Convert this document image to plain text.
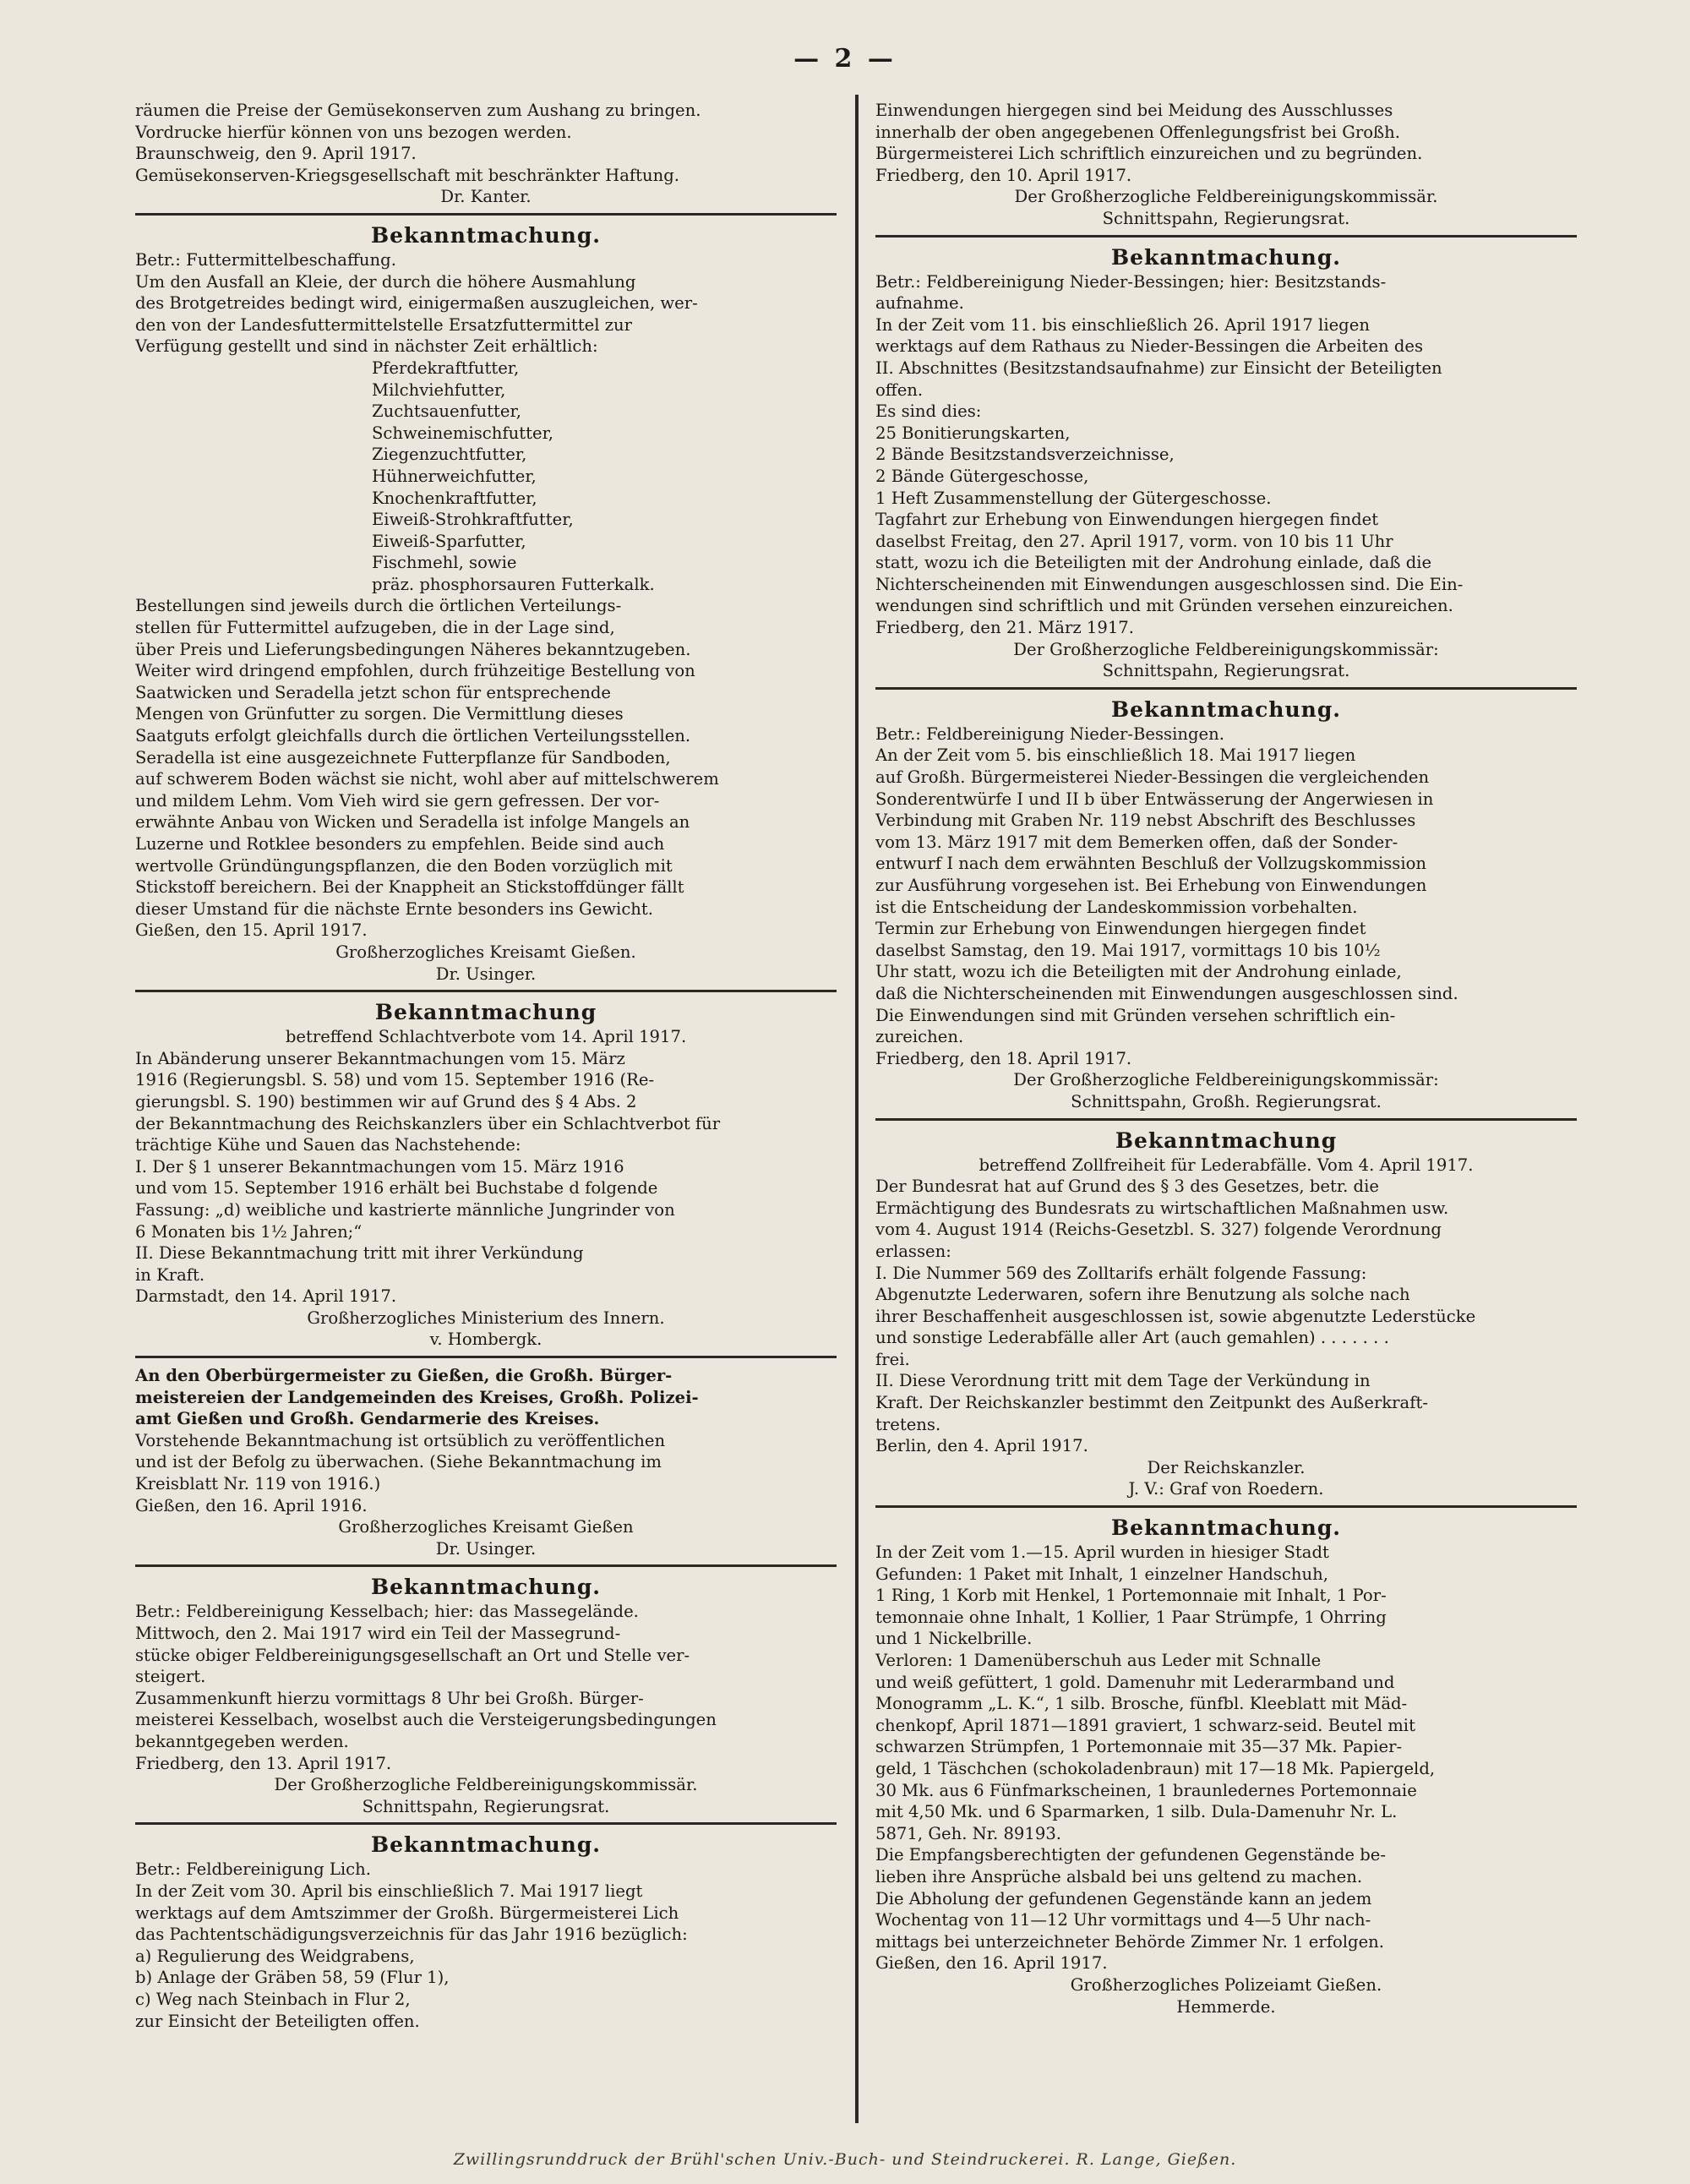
— 2 —
räumen die Preise der Gemüsekonserven zum Aushang zu bringen.
Vordrucke hierfür können von uns bezogen werden.
Braunschweig, den 9. April 1917.
Gemüsekonserven-Kriegsgesellschaft mit beschränkter Haftung.
Dr. Kanter.
Bekanntmachung.
Betr.: Futtermittelbeschaffung.
Um den Ausfall an Kleie, der durch die höhere Ausmahlung
des Brotgetreides bedingt wird, einigermaßen auszugleichen, wer-
den von der Landesfuttermittelstelle Ersatzfuttermittel zur
Verfügung gestellt und sind in nächster Zeit erhältlich:
Pferdekraftfutter,
Milchviehfutter,
Zuchtsauenfutter,
Schweinemischfutter,
Ziegenzuchtfutter,
Hühnerweichfutter,
Knochenkraftfutter,
Eiweiß-Strohkraftfutter,
Eiweiß-Sparfutter,
Fischmehl, sowie
präz. phosphorsauren Futterkalk.
Bestellungen sind jeweils durch die örtlichen Verteilungs-
stellen für Futtermittel aufzugeben, die in der Lage sind,
über Preis und Lieferungsbedingungen Näheres bekanntzugeben.
Weiter wird dringend empfohlen, durch frühzeitige Bestellung von
Saatwicken und Seradella jetzt schon für entsprechende
Mengen von Grünfutter zu sorgen. Die Vermittlung dieses
Saatguts erfolgt gleichfalls durch die örtlichen Verteilungsstellen.
Seradella ist eine ausgezeichnete Futterpflanze für Sandboden,
auf schwerem Boden wächst sie nicht, wohl aber auf mittelschwerem
und mildem Lehm. Vom Vieh wird sie gern gefressen. Der vor-
erwähnte Anbau von Wicken und Seradella ist infolge Mangels an
Luzerne und Rotklee besonders zu empfehlen. Beide sind auch
wertvolle Gründüngungspflanzen, die den Boden vorzüglich mit
Stickstoff bereichern. Bei der Knappheit an Stickstoffdünger fällt
dieser Umstand für die nächste Ernte besonders ins Gewicht.
Gießen, den 15. April 1917.
Großherzogliches Kreisamt Gießen.
Dr. Usinger.
Bekanntmachung
betreffend Schlachtverbote vom 14. April 1917.
In Abänderung unserer Bekanntmachungen vom 15. März
1916 (Regierungsbl. S. 58) und vom 15. September 1916 (Re-
gierungsbl. S. 190) bestimmen wir auf Grund des § 4 Abs. 2
der Bekanntmachung des Reichskanzlers über ein Schlachtverbot für
trächtige Kühe und Sauen das Nachstehende:
I. Der § 1 unserer Bekanntmachungen vom 15. März 1916
und vom 15. September 1916 erhält bei Buchstabe d folgende
Fassung: „d) weibliche und kastrierte männliche Jungrinder von
6 Monaten bis 1½ Jahren;“
II. Diese Bekanntmachung tritt mit ihrer Verkündung
in Kraft.
Darmstadt, den 14. April 1917.
Großherzogliches Ministerium des Innern.
v. Hombergk.
An den Oberbürgermeister zu Gießen, die Großh. Bürger-
meistereien der Landgemeinden des Kreises, Großh. Polizei-
amt Gießen und Großh. Gendarmerie des Kreises.
Vorstehende Bekanntmachung ist ortsüblich zu veröffentlichen
und ist der Befolg zu überwachen. (Siehe Bekanntmachung im
Kreisblatt Nr. 119 von 1916.)
Gießen, den 16. April 1916.
Großherzogliches Kreisamt Gießen
Dr. Usinger.
Bekanntmachung.
Betr.: Feldbereinigung Kesselbach; hier: das Massegelände.
Mittwoch, den 2. Mai 1917 wird ein Teil der Massegrund-
stücke obiger Feldbereinigungsgesellschaft an Ort und Stelle ver-
steigert.
Zusammenkunft hierzu vormittags 8 Uhr bei Großh. Bürger-
meisterei Kesselbach, woselbst auch die Versteigerungsbedingungen
bekanntgegeben werden.
Friedberg, den 13. April 1917.
Der Großherzogliche Feldbereinigungskommissär.
Schnittspahn, Regierungsrat.
Bekanntmachung.
Betr.: Feldbereinigung Lich.
In der Zeit vom 30. April bis einschließlich 7. Mai 1917 liegt
werktags auf dem Amtszimmer der Großh. Bürgermeisterei Lich
das Pachtentschädigungsverzeichnis für das Jahr 1916 bezüglich:
a) Regulierung des Weidgrabens,
b) Anlage der Gräben 58, 59 (Flur 1),
c) Weg nach Steinbach in Flur 2,
zur Einsicht der Beteiligten offen.
Einwendungen hiergegen sind bei Meidung des Ausschlusses
innerhalb der oben angegebenen Offenlegungsfrist bei Großh.
Bürgermeisterei Lich schriftlich einzureichen und zu begründen.
Friedberg, den 10. April 1917.
Der Großherzogliche Feldbereinigungskommissär.
Schnittspahn, Regierungsrat.
Bekanntmachung.
Betr.: Feldbereinigung Nieder-Bessingen; hier: Besitzstands-
aufnahme.
In der Zeit vom 11. bis einschließlich 26. April 1917 liegen
werktags auf dem Rathaus zu Nieder-Bessingen die Arbeiten des
II. Abschnittes (Besitzstandsaufnahme) zur Einsicht der Beteiligten
offen.
Es sind dies:
25 Bonitierungskarten,
2 Bände Besitzstandsverzeichnisse,
2 Bände Gütergeschosse,
1 Heft Zusammenstellung der Gütergeschosse.
Tagfahrt zur Erhebung von Einwendungen hiergegen findet
daselbst Freitag, den 27. April 1917, vorm. von 10 bis 11 Uhr
statt, wozu ich die Beteiligten mit der Androhung einlade, daß die
Nichterscheinenden mit Einwendungen ausgeschlossen sind. Die Ein-
wendungen sind schriftlich und mit Gründen versehen einzureichen.
Friedberg, den 21. März 1917.
Der Großherzogliche Feldbereinigungskommissär:
Schnittspahn, Regierungsrat.
Bekanntmachung.
Betr.: Feldbereinigung Nieder-Bessingen.
An der Zeit vom 5. bis einschließlich 18. Mai 1917 liegen
auf Großh. Bürgermeisterei Nieder-Bessingen die vergleichenden
Sonderentwürfe I und II b über Entwässerung der Angerwiesen in
Verbindung mit Graben Nr. 119 nebst Abschrift des Beschlusses
vom 13. März 1917 mit dem Bemerken offen, daß der Sonder-
entwurf I nach dem erwähnten Beschluß der Vollzugskommission
zur Ausführung vorgesehen ist. Bei Erhebung von Einwendungen
ist die Entscheidung der Landeskommission vorbehalten.
Termin zur Erhebung von Einwendungen hiergegen findet
daselbst Samstag, den 19. Mai 1917, vormittags 10 bis 10½
Uhr statt, wozu ich die Beteiligten mit der Androhung einlade,
daß die Nichterscheinenden mit Einwendungen ausgeschlossen sind.
Die Einwendungen sind mit Gründen versehen schriftlich ein-
zureichen.
Friedberg, den 18. April 1917.
Der Großherzogliche Feldbereinigungskommissär:
Schnittspahn, Großh. Regierungsrat.
Bekanntmachung
betreffend Zollfreiheit für Lederabfälle. Vom 4. April 1917.
Der Bundesrat hat auf Grund des § 3 des Gesetzes, betr. die
Ermächtigung des Bundesrats zu wirtschaftlichen Maßnahmen usw.
vom 4. August 1914 (Reichs-Gesetzbl. S. 327) folgende Verordnung
erlassen:
I. Die Nummer 569 des Zolltarifs erhält folgende Fassung:
Abgenutzte Lederwaren, sofern ihre Benutzung als solche nach
ihrer Beschaffenheit ausgeschlossen ist, sowie abgenutzte Lederstücke
und sonstige Lederabfälle aller Art (auch gemahlen) . . . . . . .
frei.
II. Diese Verordnung tritt mit dem Tage der Verkündung in
Kraft. Der Reichskanzler bestimmt den Zeitpunkt des Außerkraft-
tretens.
Berlin, den 4. April 1917.
Der Reichskanzler.
J. V.: Graf von Roedern.
Bekanntmachung.
In der Zeit vom 1.—15. April wurden in hiesiger Stadt
Gefunden: 1 Paket mit Inhalt, 1 einzelner Handschuh,
1 Ring, 1 Korb mit Henkel, 1 Portemonnaie mit Inhalt, 1 Por-
temonnaie ohne Inhalt, 1 Kollier, 1 Paar Strümpfe, 1 Ohrring
und 1 Nickelbrille.
Verloren: 1 Damenüberschuh aus Leder mit Schnalle
und weiß gefüttert, 1 gold. Damenuhr mit Lederarmband und
Monogramm „L. K.“, 1 silb. Brosche, fünfbl. Kleeblatt mit Mäd-
chenkopf, April 1871—1891 graviert, 1 schwarz-seid. Beutel mit
schwarzen Strümpfen, 1 Portemonnaie mit 35—37 Mk. Papier-
geld, 1 Täschchen (schokoladenbraun) mit 17—18 Mk. Papiergeld,
30 Mk. aus 6 Fünfmarkscheinen, 1 braunledernes Portemonnaie
mit 4,50 Mk. und 6 Sparmarken, 1 silb. Dula-Damenuhr Nr. L.
5871, Geh. Nr. 89193.
Die Empfangsberechtigten der gefundenen Gegenstände be-
lieben ihre Ansprüche alsbald bei uns geltend zu machen.
Die Abholung der gefundenen Gegenstände kann an jedem
Wochentag von 11—12 Uhr vormittags und 4—5 Uhr nach-
mittags bei unterzeichneter Behörde Zimmer Nr. 1 erfolgen.
Gießen, den 16. April 1917.
Großherzogliches Polizeiamt Gießen.
Hemmerde.
Zwillingsrunddruck der Brühl'schen Univ.-Buch- und Steindruckerei. R. Lange, Gießen.
